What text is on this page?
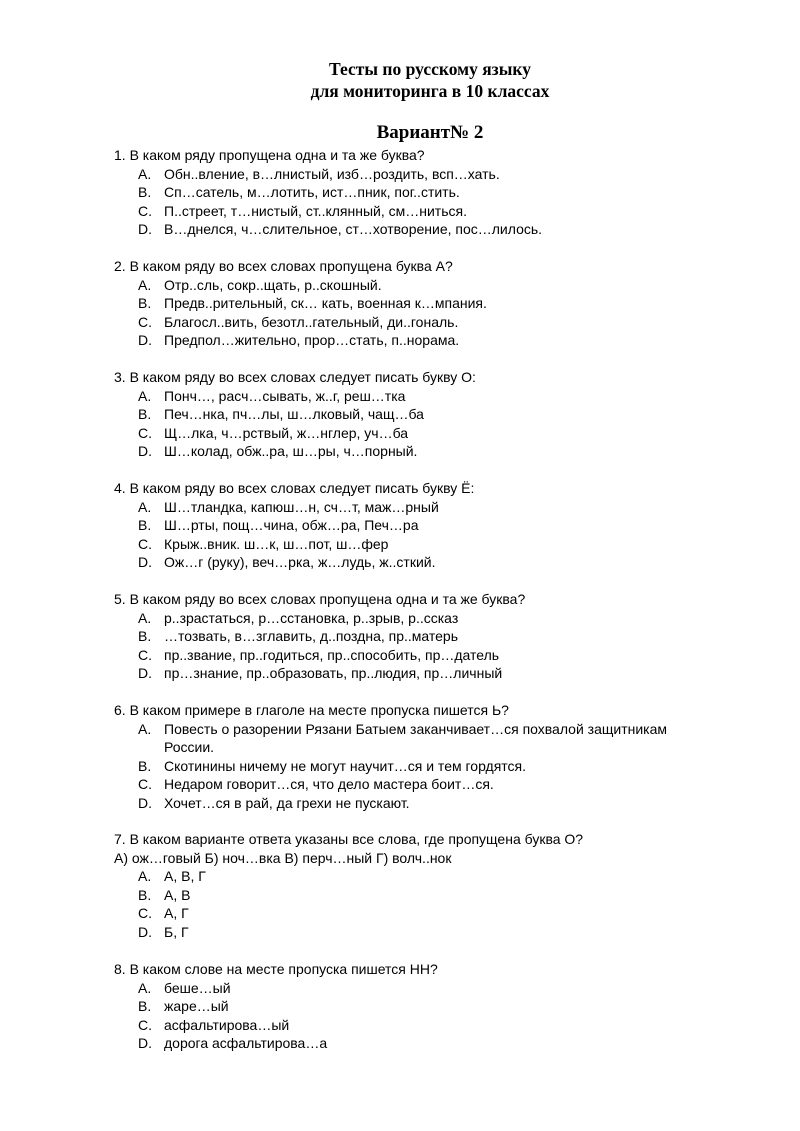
Тесты по русскому языку
для мониторинга в 10 классах
Вариант№ 2
1. В каком ряду пропущена одна и та же буква?
A. Обн..вление, в…лнистый, изб…роздить, всп…хать.
B. Сп…сатель, м…лотить, ист…пник, пог..стить.
C. П..стреет, т…нистый, ст..клянный, см…ниться.
D. В…днелся, ч…слительное, ст…хотворение, пос…лилось.
2. В каком ряду во всех словах пропущена буква А?
A. Отр..сль, сокр..щать, р..скошный.
B. Предв..рительный, ск… кать, военная к…мпания.
C. Благосл..вить, безотл..гательный, ди..гональ.
D. Предпол…жительно, прор…стать, п..норама.
3. В каком ряду во всех словах следует писать букву О:
A. Понч…, расч…сывать, ж..г, реш…тка
B. Печ…нка, пч…лы, ш…лковый, чащ…ба
C. Щ…лка, ч…рствый, ж…нглер, уч…ба
D. Ш…колад, обж..ра, ш…ры, ч…порный.
4. В каком ряду во всех словах следует писать букву Ё:
A. Ш…тландка, капюш…н, сч…т, маж…рный
B. Ш…рты, пощ…чина, обж…ра, Печ…ра
C. Крыж..вник. ш…к, ш…пот, ш…фер
D. Ож…г (руку), веч…рка, ж…лудь, ж..сткий.
5. В каком ряду во всех словах пропущена одна и та же буква?
A. р..зрастаться, р…сстановка, р..зрыв, р..ссказ
B. …тозвать, в…зглавить, д..поздна, пр..матерь
C. пр..звание, пр..годиться, пр..способить, пр…датель
D. пр…знание, пр..образовать, пр..людия, пр…личный
6. В каком примере в глаголе на месте пропуска пишется Ь?
A. Повесть о разорении Рязани Батыем заканчивает…ся похвалой защитникам России.
B. Скотинины ничему не могут научит…ся и тем гордятся.
C. Недаром говорит…ся, что дело мастера боит…ся.
D. Хочет…ся в рай, да грехи не пускают.
7. В каком варианте ответа указаны все слова, где пропущена буква О?
А) ож…говый Б) ноч…вка В) перч…ный Г) волч..нок
A. А, В, Г
B. А, В
C. А, Г
D. Б, Г
8. В каком слове на месте пропуска пишется НН?
A. беше…ый
B. жаре…ый
C. асфальтирова…ый
D. дорога асфальтирова…а
